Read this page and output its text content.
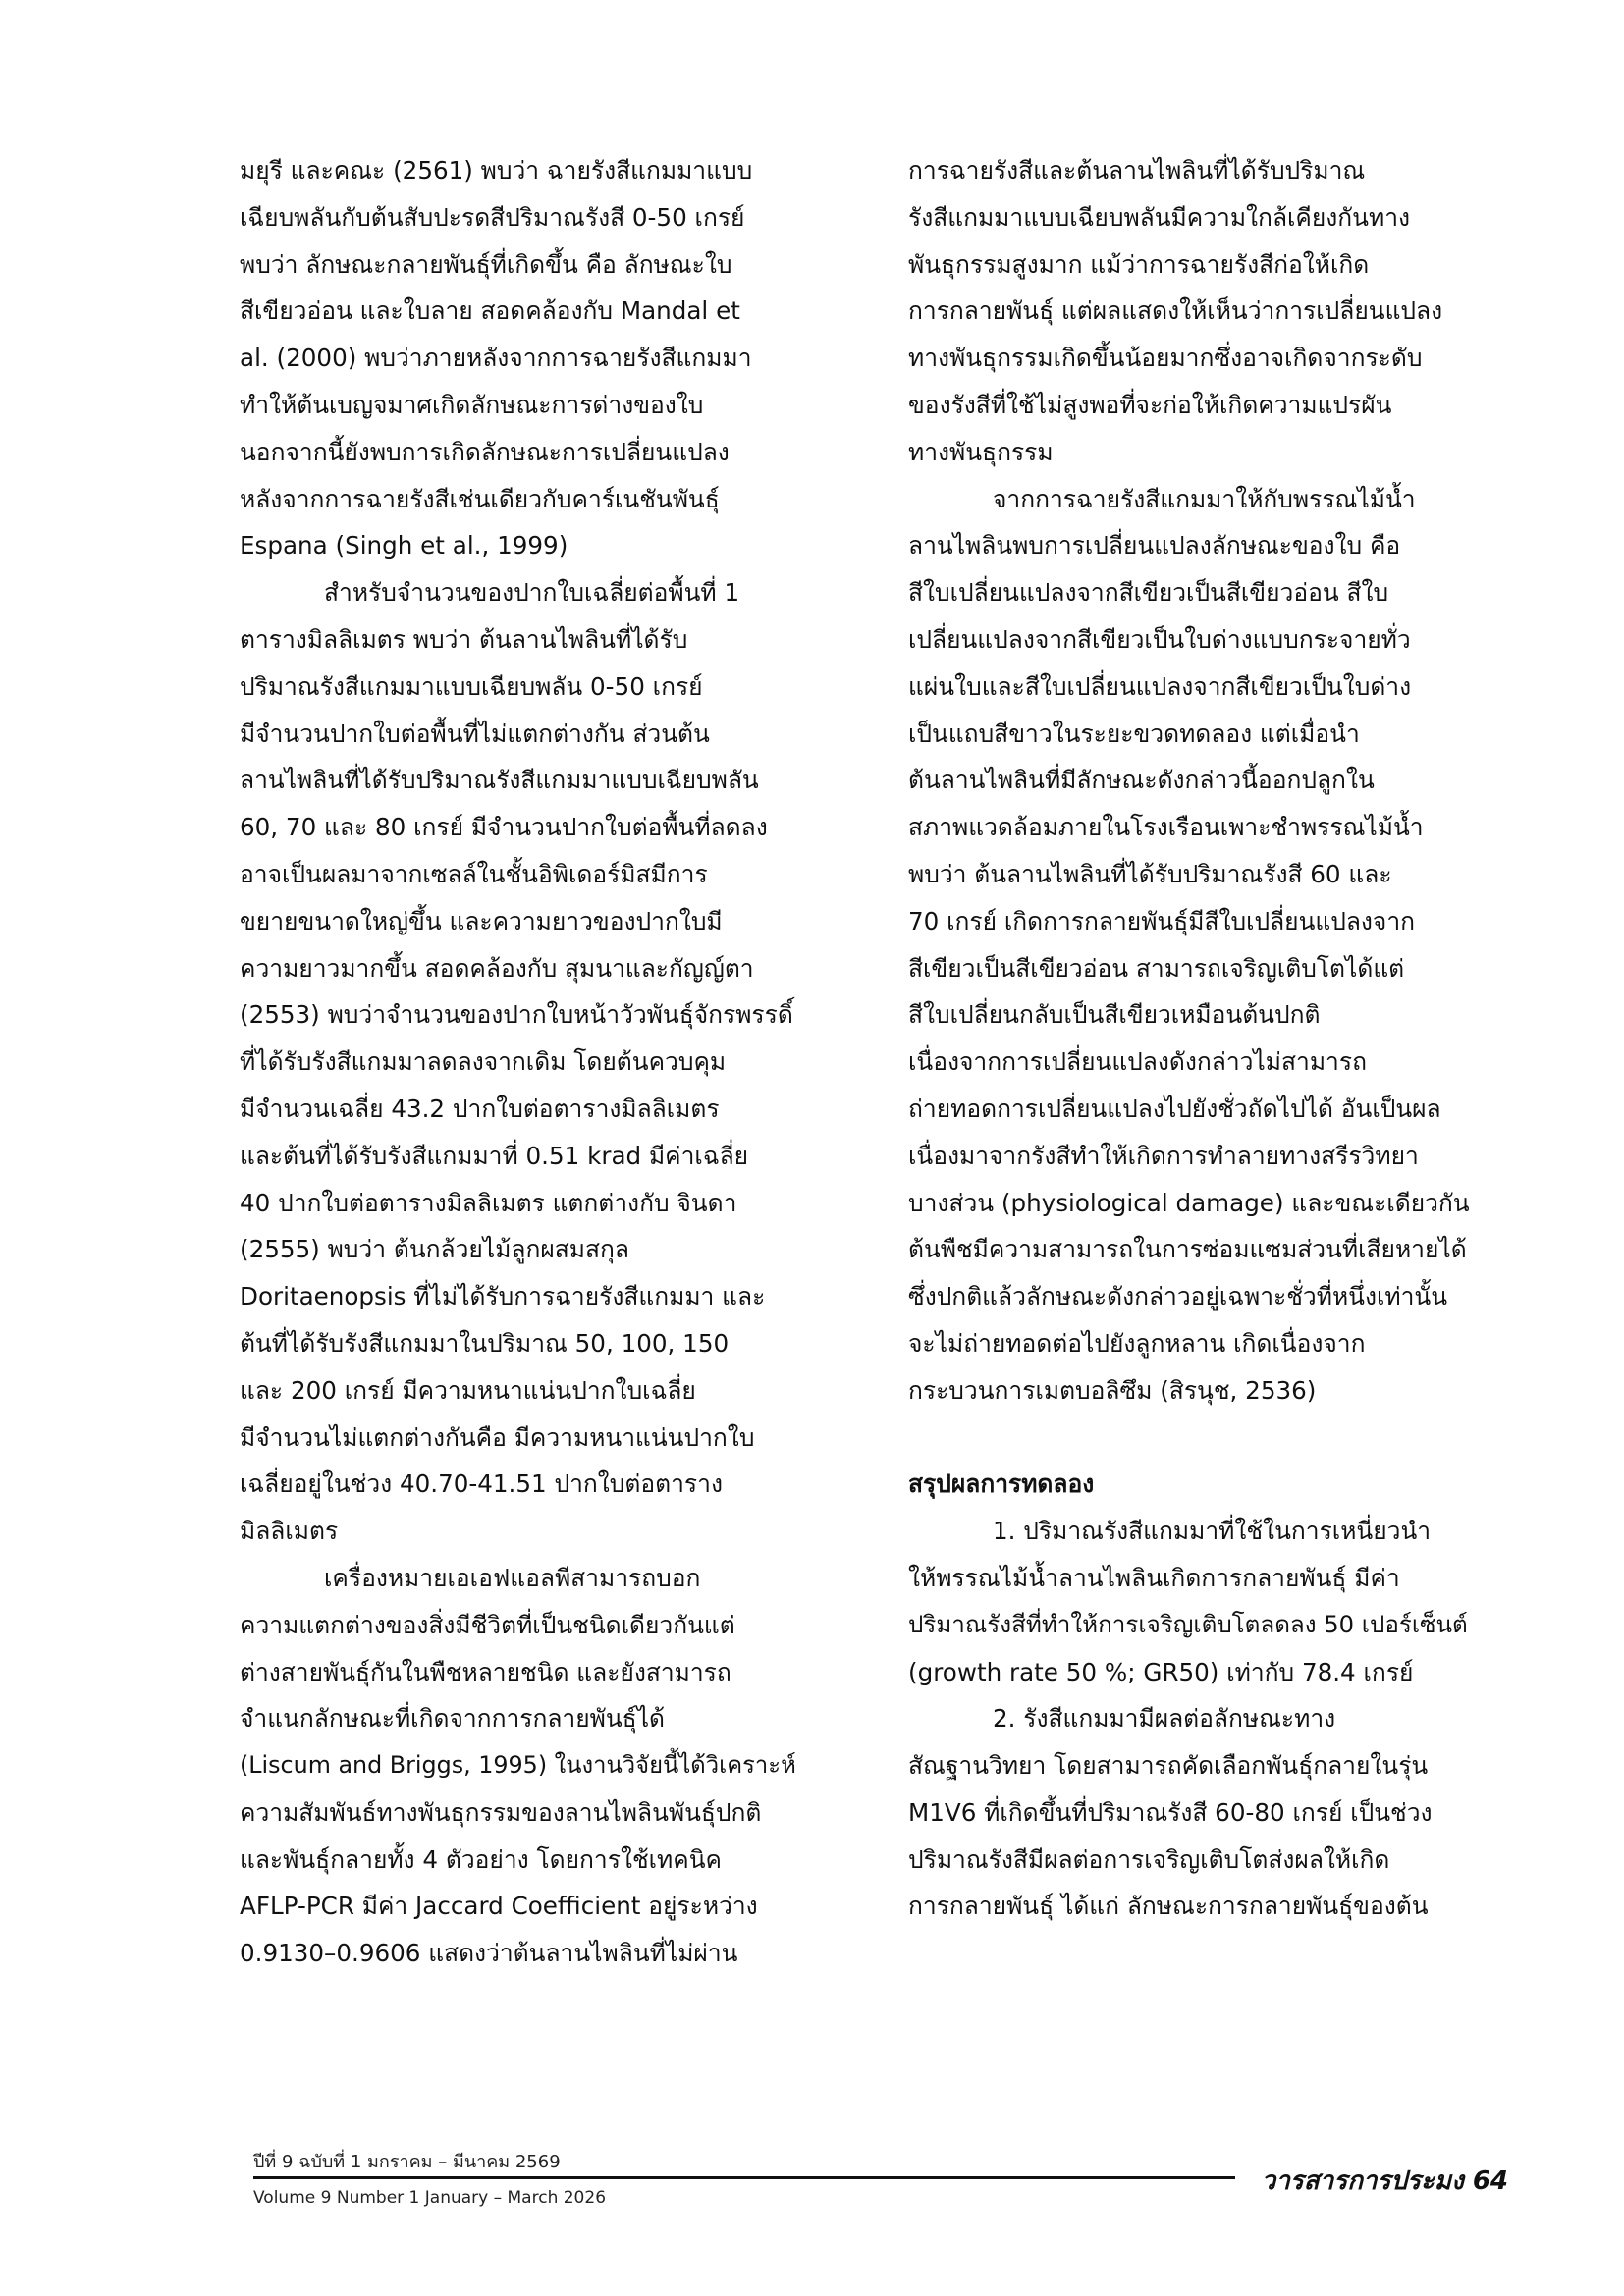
มยุรี และคณะ (2561) พบว่า ฉายรังสีแกมมาแบบ
เฉียบพลันกับต้นสับปะรดสีปริมาณรังสี 0-50 เกรย์
พบว่า ลักษณะกลายพันธุ์ที่เกิดขึ้น คือ ลักษณะใบ
สีเขียวอ่อน และใบลาย สอดคล้องกับ Mandal et
al. (2000) พบว่าภายหลังจากการฉายรังสีแกมมา
ทำให้ต้นเบญจมาศเกิดลักษณะการด่างของใบ
นอกจากนี้ยังพบการเกิดลักษณะการเปลี่ยนแปลง
หลังจากการฉายรังสีเช่นเดียวกับคาร์เนชันพันธุ์
Espana (Singh et al., 1999)
สำหรับจำนวนของปากใบเฉลี่ยต่อพื้นที่ 1
ตารางมิลลิเมตร พบว่า ต้นลานไพลินที่ได้รับ
ปริมาณรังสีแกมมาแบบเฉียบพลัน 0-50 เกรย์
มีจำนวนปากใบต่อพื้นที่ไม่แตกต่างกัน ส่วนต้น
ลานไพลินที่ได้รับปริมาณรังสีแกมมาแบบเฉียบพลัน
60, 70 และ 80 เกรย์ มีจำนวนปากใบต่อพื้นที่ลดลง
อาจเป็นผลมาจากเซลล์ในชั้นอิพิเดอร์มิสมีการ
ขยายขนาดใหญ่ขึ้น และความยาวของปากใบมี
ความยาวมากขึ้น สอดคล้องกับ สุมนาและกัญญ์ตา
(2553) พบว่าจำนวนของปากใบหน้าวัวพันธุ์จักรพรรดิ์
ที่ได้รับรังสีแกมมาลดลงจากเดิม โดยต้นควบคุม
มีจำนวนเฉลี่ย 43.2 ปากใบต่อตารางมิลลิเมตร
และต้นที่ได้รับรังสีแกมมาที่ 0.51 krad มีค่าเฉลี่ย
40 ปากใบต่อตารางมิลลิเมตร แตกต่างกับ จินดา
(2555) พบว่า ต้นกล้วยไม้ลูกผสมสกุล
Doritaenopsis ที่ไม่ได้รับการฉายรังสีแกมมา และ
ต้นที่ได้รับรังสีแกมมาในปริมาณ 50, 100, 150
และ 200 เกรย์ มีความหนาแน่นปากใบเฉลี่ย
มีจำนวนไม่แตกต่างกันคือ มีความหนาแน่นปากใบ
เฉลี่ยอยู่ในช่วง 40.70-41.51 ปากใบต่อตาราง
มิลลิเมตร
เครื่องหมายเอเอฟแอลพีสามารถบอก
ความแตกต่างของสิ่งมีชีวิตที่เป็นชนิดเดียวกันแต่
ต่างสายพันธุ์กันในพืชหลายชนิด และยังสามารถ
จำแนกลักษณะที่เกิดจากการกลายพันธุ์ได้
(Liscum and Briggs, 1995) ในงานวิจัยนี้ได้วิเคราะห์
ความสัมพันธ์ทางพันธุกรรมของลานไพลินพันธุ์ปกติ
และพันธุ์กลายทั้ง 4 ตัวอย่าง โดยการใช้เทคนิค
AFLP-PCR มีค่า Jaccard Coefficient อยู่ระหว่าง
0.9130–0.9606 แสดงว่าต้นลานไพลินที่ไม่ผ่าน
การฉายรังสีและต้นลานไพลินที่ได้รับปริมาณ
รังสีแกมมาแบบเฉียบพลันมีความใกล้เคียงกันทาง
พันธุกรรมสูงมาก แม้ว่าการฉายรังสีก่อให้เกิด
การกลายพันธุ์ แต่ผลแสดงให้เห็นว่าการเปลี่ยนแปลง
ทางพันธุกรรมเกิดขึ้นน้อยมากซึ่งอาจเกิดจากระดับ
ของรังสีที่ใช้ไม่สูงพอที่จะก่อให้เกิดความแปรผัน
ทางพันธุกรรม
จากการฉายรังสีแกมมาให้กับพรรณไม้น้ำ
ลานไพลินพบการเปลี่ยนแปลงลักษณะของใบ คือ
สีใบเปลี่ยนแปลงจากสีเขียวเป็นสีเขียวอ่อน สีใบ
เปลี่ยนแปลงจากสีเขียวเป็นใบด่างแบบกระจายทั่ว
แผ่นใบและสีใบเปลี่ยนแปลงจากสีเขียวเป็นใบด่าง
เป็นแถบสีขาวในระยะขวดทดลอง แต่เมื่อนำ
ต้นลานไพลินที่มีลักษณะดังกล่าวนี้ออกปลูกใน
สภาพแวดล้อมภายในโรงเรือนเพาะชำพรรณไม้น้ำ
พบว่า ต้นลานไพลินที่ได้รับปริมาณรังสี 60 และ
70 เกรย์ เกิดการกลายพันธุ์มีสีใบเปลี่ยนแปลงจาก
สีเขียวเป็นสีเขียวอ่อน สามารถเจริญเติบโตได้แต่
สีใบเปลี่ยนกลับเป็นสีเขียวเหมือนต้นปกติ
เนื่องจากการเปลี่ยนแปลงดังกล่าวไม่สามารถ
ถ่ายทอดการเปลี่ยนแปลงไปยังชั่วถัดไปได้ อันเป็นผล
เนื่องมาจากรังสีทำให้เกิดการทำลายทางสรีรวิทยา
บางส่วน (physiological damage) และขณะเดียวกัน
ต้นพืชมีความสามารถในการซ่อมแซมส่วนที่เสียหายได้
ซึ่งปกติแล้วลักษณะดังกล่าวอยู่เฉพาะชั่วที่หนึ่งเท่านั้น
จะไม่ถ่ายทอดต่อไปยังลูกหลาน เกิดเนื่องจาก
กระบวนการเมตบอลิซึม (สิรนุช, 2536)
สรุปผลการทดลอง
1. ปริมาณรังสีแกมมาที่ใช้ในการเหนี่ยวนำ
ให้พรรณไม้น้ำลานไพลินเกิดการกลายพันธุ์ มีค่า
ปริมาณรังสีที่ทำให้การเจริญเติบโตลดลง 50 เปอร์เซ็นต์
(growth rate 50 %; GR50) เท่ากับ 78.4 เกรย์
2. รังสีแกมมามีผลต่อลักษณะทาง
สัณฐานวิทยา โดยสามารถคัดเลือกพันธุ์กลายในรุ่น
M1V6 ที่เกิดขึ้นที่ปริมาณรังสี 60-80 เกรย์ เป็นช่วง
ปริมาณรังสีมีผลต่อการเจริญเติบโตส่งผลให้เกิด
การกลายพันธุ์ ได้แก่ ลักษณะการกลายพันธุ์ของต้น
ปีที่ 9 ฉบับที่ 1 มกราคม – มีนาคม 2569
Volume 9 Number 1 January – March 2026
วารสารการประมง 64
